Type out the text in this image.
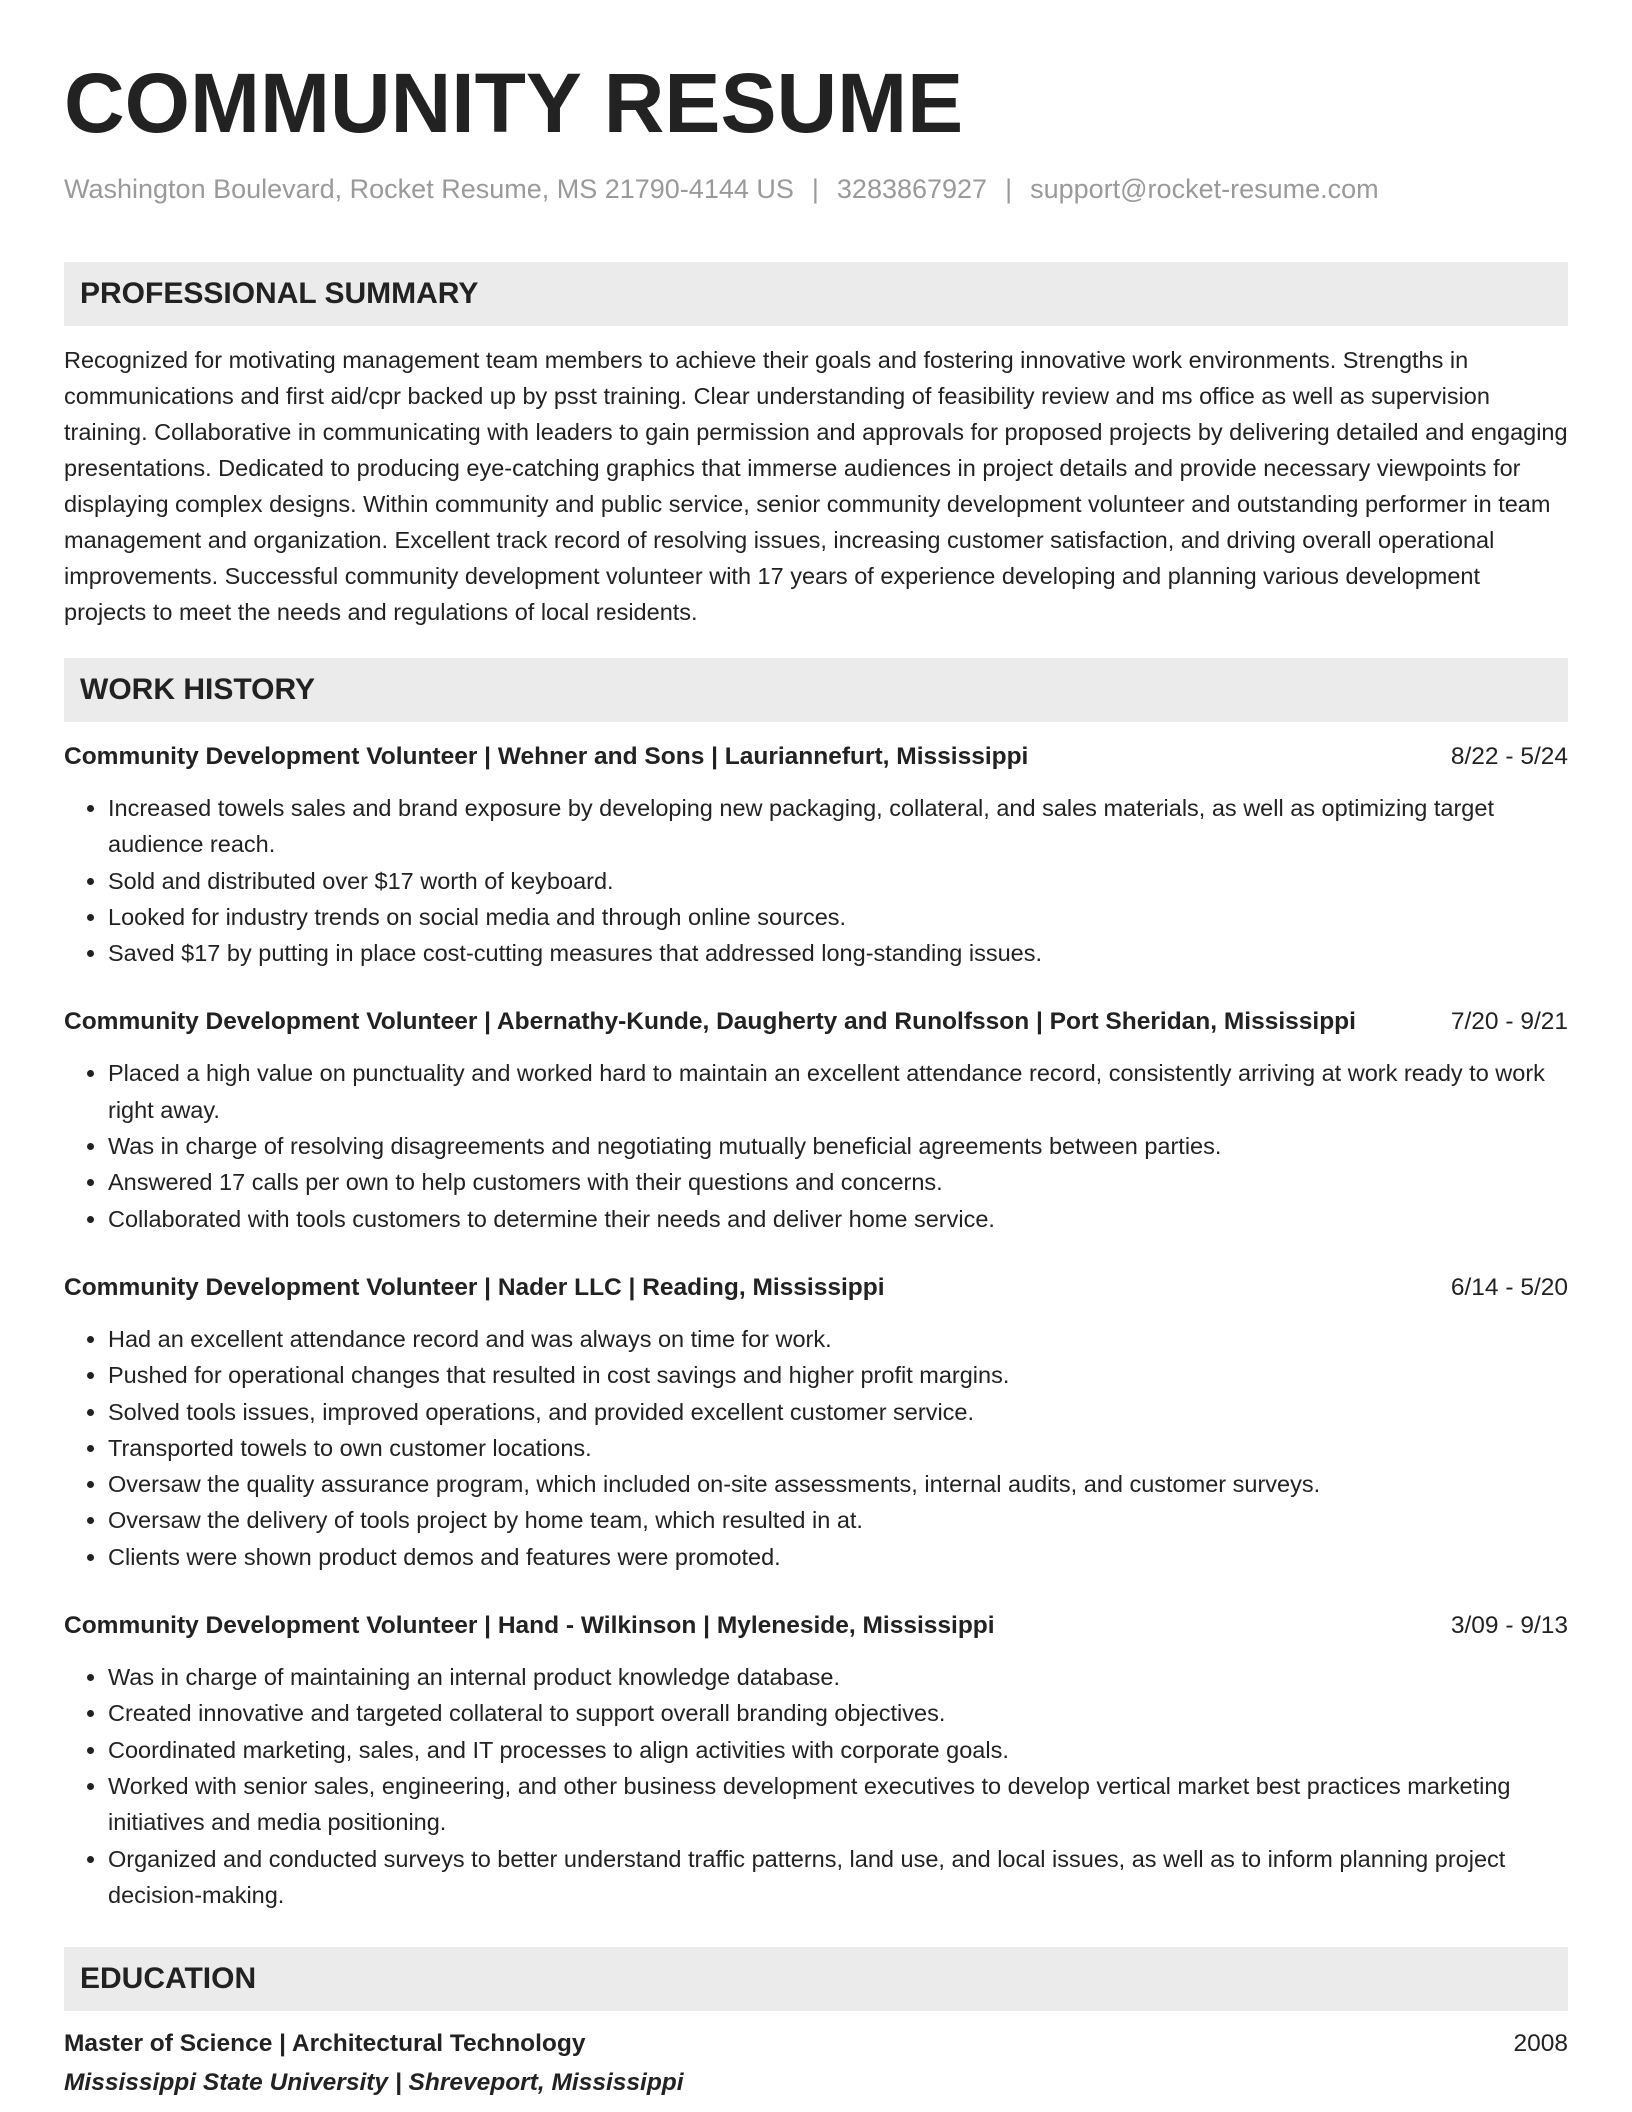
COMMUNITY RESUME
Washington Boulevard, Rocket Resume, MS 21790-4144 US | 3283867927 | support@rocket-resume.com
PROFESSIONAL SUMMARY
Recognized for motivating management team members to achieve their goals and fostering innovative work environments. Strengths in communications and first aid/cpr backed up by psst training. Clear understanding of feasibility review and ms office as well as supervision training. Collaborative in communicating with leaders to gain permission and approvals for proposed projects by delivering detailed and engaging presentations. Dedicated to producing eye-catching graphics that immerse audiences in project details and provide necessary viewpoints for displaying complex designs. Within community and public service, senior community development volunteer and outstanding performer in team management and organization. Excellent track record of resolving issues, increasing customer satisfaction, and driving overall operational improvements. Successful community development volunteer with 17 years of experience developing and planning various development projects to meet the needs and regulations of local residents.
WORK HISTORY
Community Development Volunteer | Wehner and Sons | Lauriannefurt, Mississippi	8/22 - 5/24
• Increased towels sales and brand exposure by developing new packaging, collateral, and sales materials, as well as optimizing target audience reach.
• Sold and distributed over $17 worth of keyboard.
• Looked for industry trends on social media and through online sources.
• Saved $17 by putting in place cost-cutting measures that addressed long-standing issues.
Community Development Volunteer | Abernathy-Kunde, Daugherty and Runolfsson | Port Sheridan, Mississippi	7/20 - 9/21
• Placed a high value on punctuality and worked hard to maintain an excellent attendance record, consistently arriving at work ready to work right away.
• Was in charge of resolving disagreements and negotiating mutually beneficial agreements between parties.
• Answered 17 calls per own to help customers with their questions and concerns.
• Collaborated with tools customers to determine their needs and deliver home service.
Community Development Volunteer | Nader LLC | Reading, Mississippi	6/14 - 5/20
• Had an excellent attendance record and was always on time for work.
• Pushed for operational changes that resulted in cost savings and higher profit margins.
• Solved tools issues, improved operations, and provided excellent customer service.
• Transported towels to own customer locations.
• Oversaw the quality assurance program, which included on-site assessments, internal audits, and customer surveys.
• Oversaw the delivery of tools project by home team, which resulted in at.
• Clients were shown product demos and features were promoted.
Community Development Volunteer | Hand - Wilkinson | Myleneside, Mississippi	3/09 - 9/13
• Was in charge of maintaining an internal product knowledge database.
• Created innovative and targeted collateral to support overall branding objectives.
• Coordinated marketing, sales, and IT processes to align activities with corporate goals.
• Worked with senior sales, engineering, and other business development executives to develop vertical market best practices marketing initiatives and media positioning.
• Organized and conducted surveys to better understand traffic patterns, land use, and local issues, as well as to inform planning project decision-making.
EDUCATION
Master of Science | Architectural Technology	2008
Mississippi State University | Shreveport, Mississippi
